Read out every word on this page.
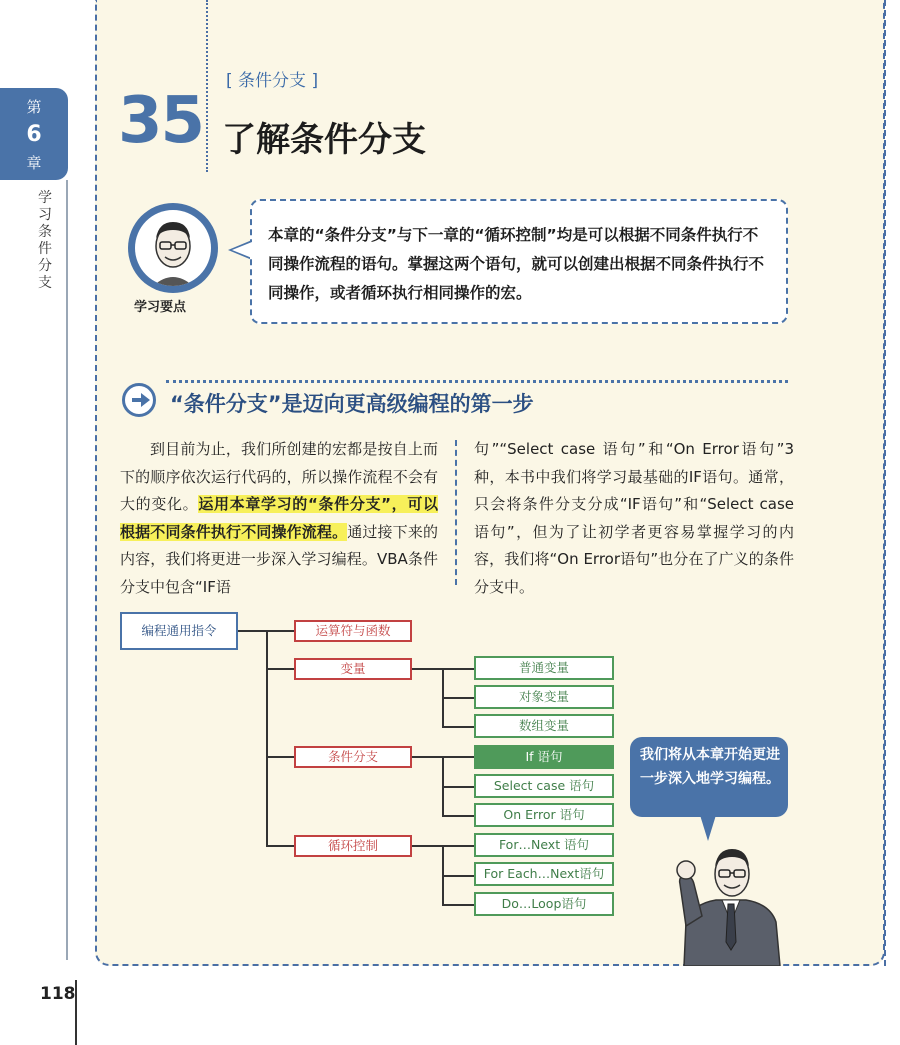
第
6
章
学习条件分支
35
[ 条件分支 ]
了解条件分支
学习要点
本章的“条件分支”与下一章的“循环控制”均是可以根据不同条件执行不同操作流程的语句。掌握这两个语句，就可以创建出根据不同条件执行不同操作，或者循环执行相同操作的宏。
“条件分支”是迈向更高级编程的第一步
到目前为止，我们所创建的宏都是按自上而下的顺序依次运行代码的，所以操作流程不会有大的变化。运用本章学习的“条件分支”，可以根据不同条件执行不同操作流程。通过接下来的内容，我们将更进一步深入学习编程。VBA条件分支中包含“IF语
句”“Select case 语句”和“On Error语句”3种，本书中我们将学习最基础的IF语句。通常，只会将条件分支分成“IF语句”和“Select case 语句”，但为了让初学者更容易掌握学习的内容，我们将“On Error语句”也分在了广义的条件分支中。
编程通用指令	运算符与函数
变量
条件分支
循环控制
普通变量
对象变量
数组变量
If 语句
Select case 语句
On Error 语句
For…Next 语句
For Each…Next语句
Do…Loop语句
我们将从本章开始更进一步深入地学习编程。
118
